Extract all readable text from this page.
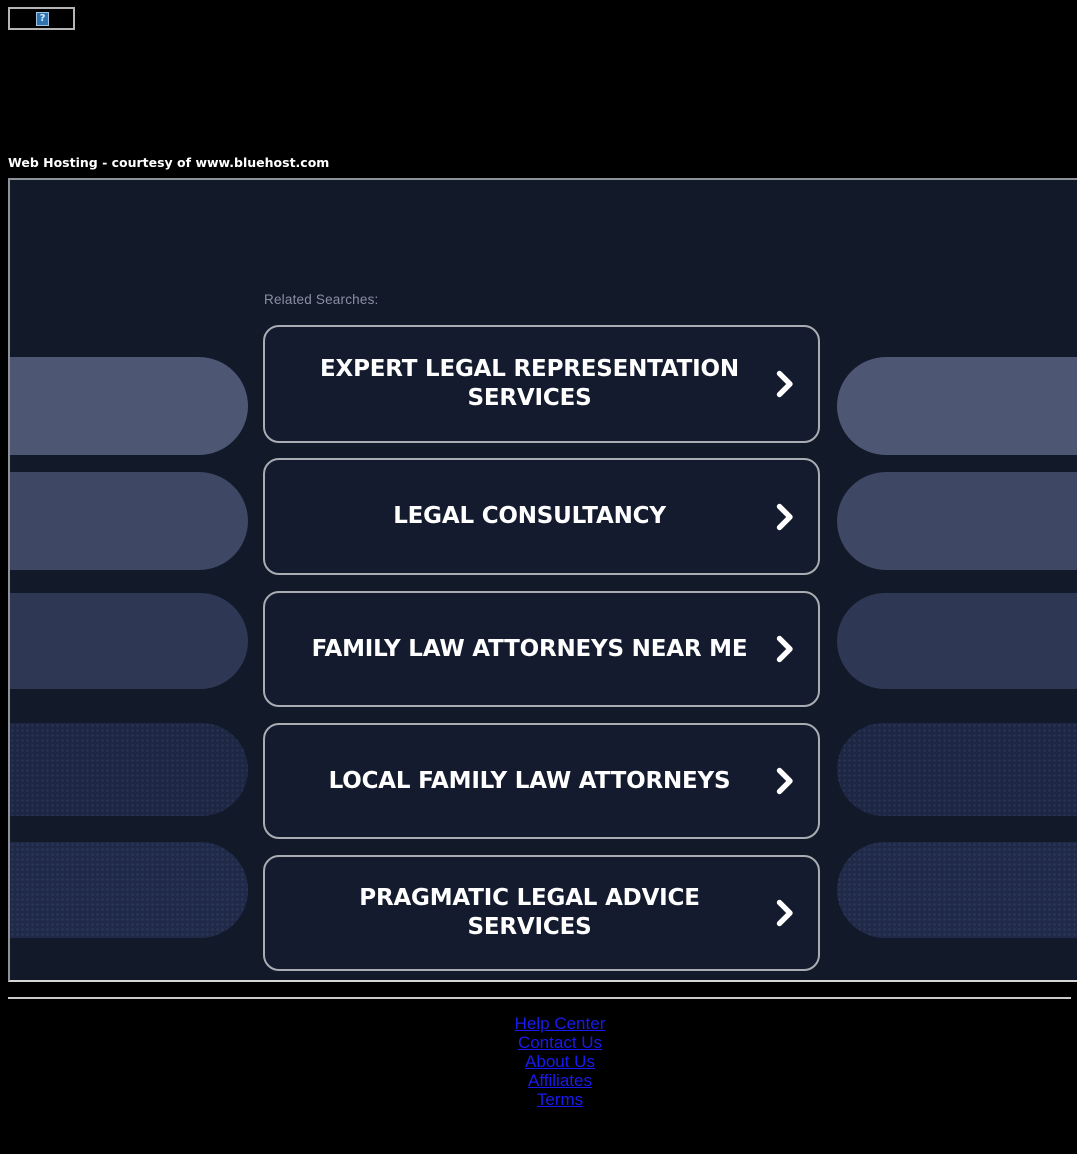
?
Web Hosting - courtesy of www.bluehost.com
Related Searches:
EXPERT LEGAL REPRESENTATION SERVICES
LEGAL CONSULTANCY
FAMILY LAW ATTORNEYS NEAR ME
LOCAL FAMILY LAW ATTORNEYS
PRAGMATIC LEGAL ADVICE SERVICES
Help Center
Contact Us
About Us
Affiliates
Terms
